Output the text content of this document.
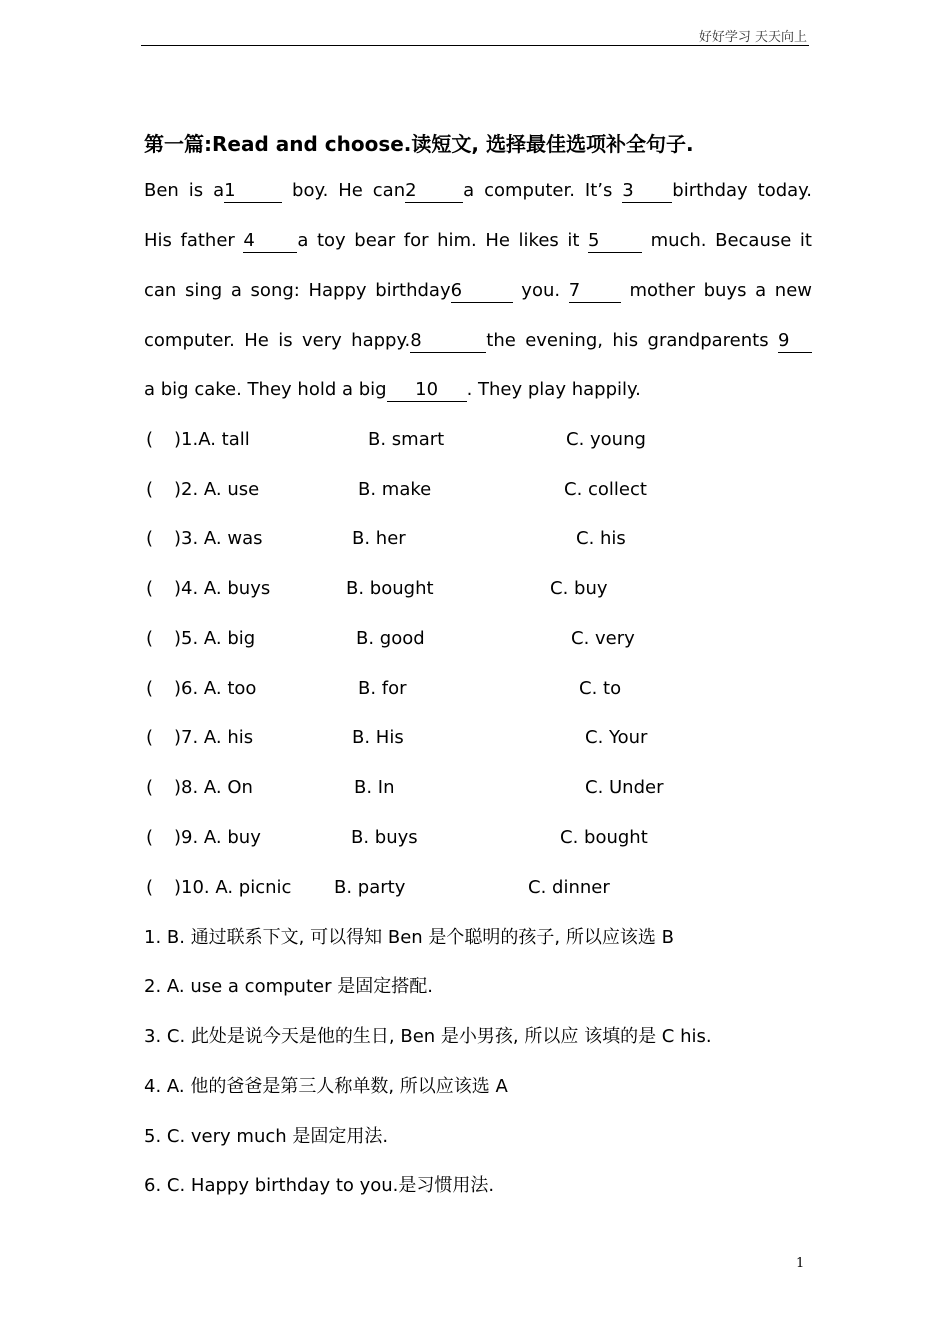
好好学习 天天向上
第一篇:Read and choose.读短文, 选择最佳选项补全句子.
Ben is a1	boy. He can2	a computer. It’s 3 birthday today.
His father 4 a toy bear for him. He likes it 5	much. Because it
can sing a song: Happy birthday6	you. 7	mother buys a new
computer. He is very happy.8	the evening, his grandparents 9
a big cake. They hold a big 10 . They play happily.
( )1.A. tall	B. smart	C. young
( )2. A. use	B. make	C. collect
( )3. A. was	B. her	C. his
( )4. A. buys	B. bought	C. buy
( )5. A. big	B. good	C. very
( )6. A. too	B. for	C. to
( )7. A. his	B. His	C. Your
( )8. A. On	B. In	C. Under
( )9. A. buy	B. buys	C. bought
( )10. A. picnic B. party	C. dinner
1. B. 通过联系下文, 可以得知 Ben 是个聪明的孩子, 所以应该选 B
2. A. use a computer 是固定搭配.
3. C. 此处是说今天是他的生日, Ben 是小男孩, 所以应 该填的是 C his.
4. A. 他的爸爸是第三人称单数, 所以应该选 A
5. C. very much 是固定用法.
6. C. Happy birthday to you.是习惯用法.
1
